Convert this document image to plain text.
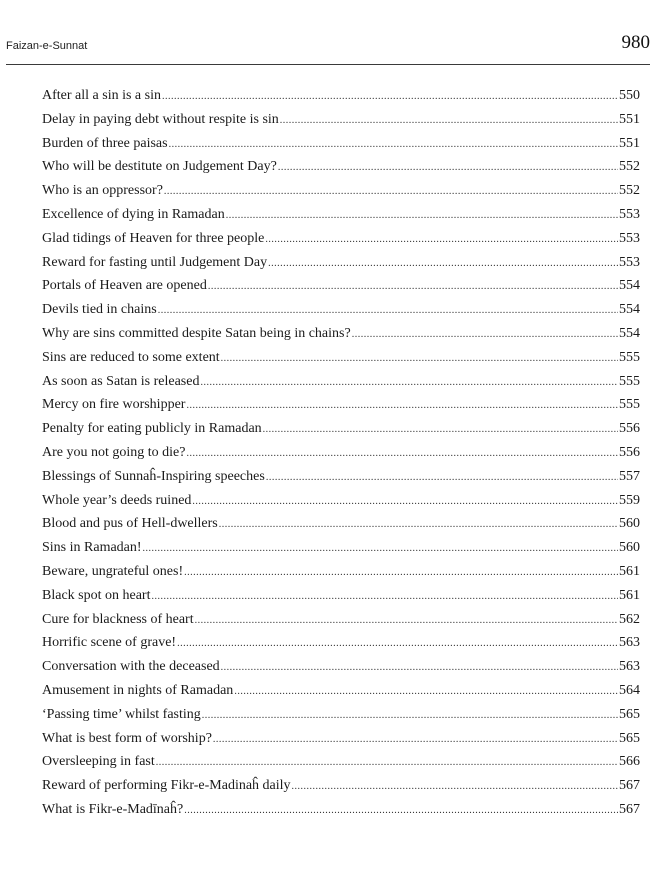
Faizan-e-Sunnat	980
After all a sin is a sin .....	550
Delay in paying debt without respite is sin .....	551
Burden of three paisas .....	551
Who will be destitute on Judgement Day? .....	552
Who is an oppressor? .....	552
Excellence of dying in Ramadan .....	553
Glad tidings of Heaven for three people .....	553
Reward for fasting until Judgement Day .....	553
Portals of Heaven are opened .....	554
Devils tied in chains .....	554
Why are sins committed despite Satan being in chains? .....	554
Sins are reduced to some extent .....	555
As soon as Satan is released .....	555
Mercy on fire worshipper .....	555
Penalty for eating publicly in Ramadan .....	556
Are you not going to die? .....	556
Blessings of Sunnaĥ-Inspiring speeches .....	557
Whole year’s deeds ruined .....	559
Blood and pus of Hell-dwellers .....	560
Sins in Ramadan! .....	560
Beware, ungrateful ones! .....	561
Black spot on heart .....	561
Cure for blackness of heart .....	562
Horrific scene of grave! .....	563
Conversation with the deceased .....	563
Amusement in nights of Ramadan .....	564
‘Passing time’ whilst fasting .....	565
What is best form of worship? .....	565
Oversleeping in fast .....	566
Reward of performing Fikr-e-Madinaĥ daily .....	567
What is Fikr-e-Madīnaĥ? .....	567
